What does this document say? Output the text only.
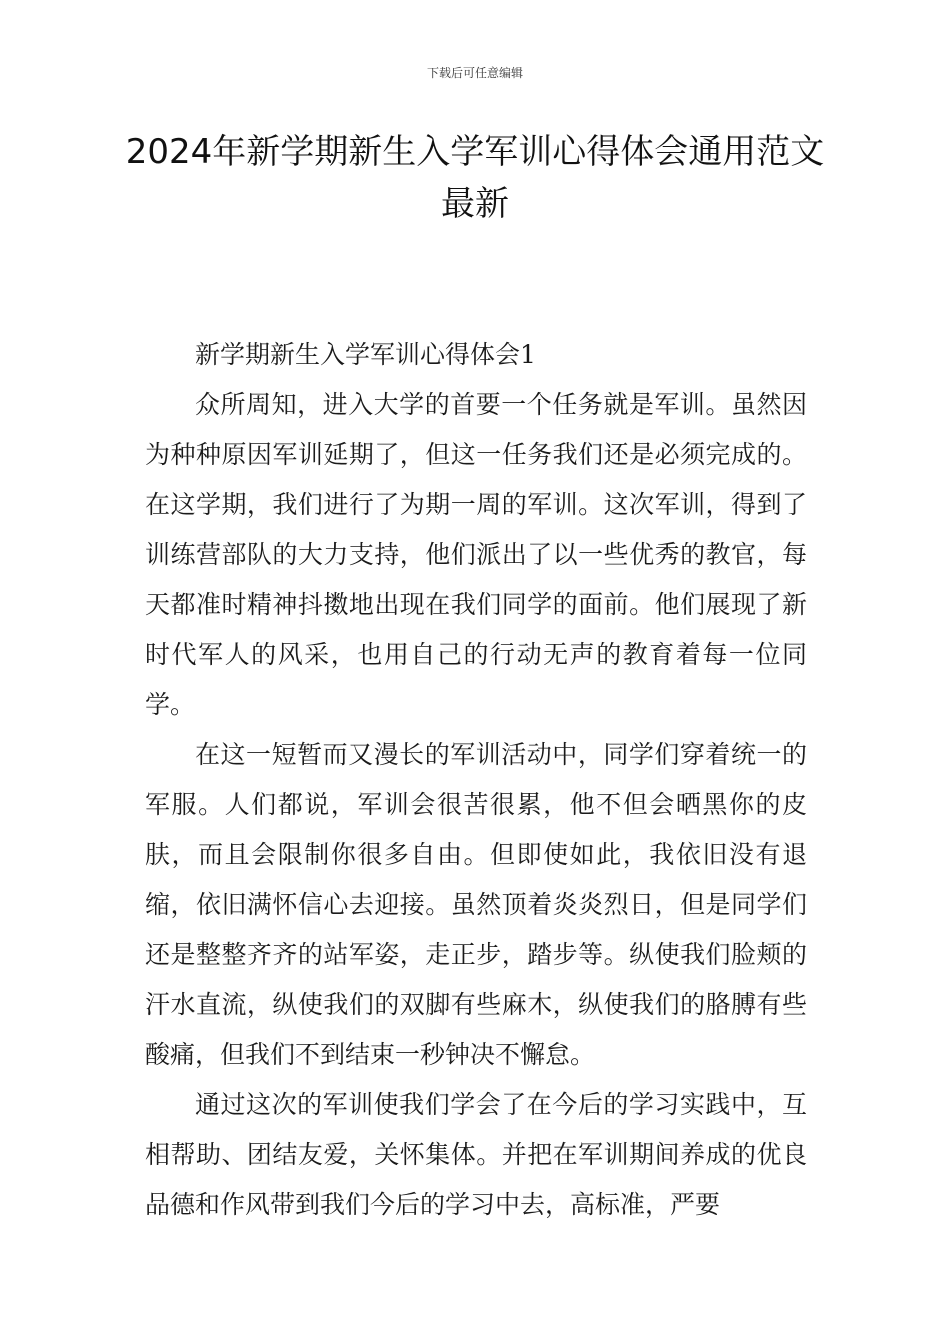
下载后可任意编辑
2024年新学期新生入学军训心得体会通用范文最新

新学期新生入学军训心得体会1

众所周知，进入大学的首要一个任务就是军训。虽然因为种种原因军训延期了，但这一任务我们还是必须完成的。在这学期，我们进行了为期一周的军训。这次军训，得到了训练营部队的大力支持，他们派出了以一些优秀的教官，每天都准时精神抖擞地出现在我们同学的面前。他们展现了新时代军人的风采，也用自己的行动无声的教育着每一位同学。

在这一短暂而又漫长的军训活动中，同学们穿着统一的军服。人们都说，军训会很苦很累，他不但会晒黑你的皮肤，而且会限制你很多自由。但即使如此，我依旧没有退缩，依旧满怀信心去迎接。虽然顶着炎炎烈日，但是同学们还是整整齐齐的站军姿，走正步，踏步等。纵使我们脸颊的汗水直流，纵使我们的双脚有些麻木，纵使我们的胳膊有些酸痛，但我们不到结束一秒钟决不懈怠。

通过这次的军训使我们学会了在今后的学习实践中，互相帮助、团结友爱，关怀集体。并把在军训期间养成的优良品德和作风带到我们今后的学习中去，高标准，严要
